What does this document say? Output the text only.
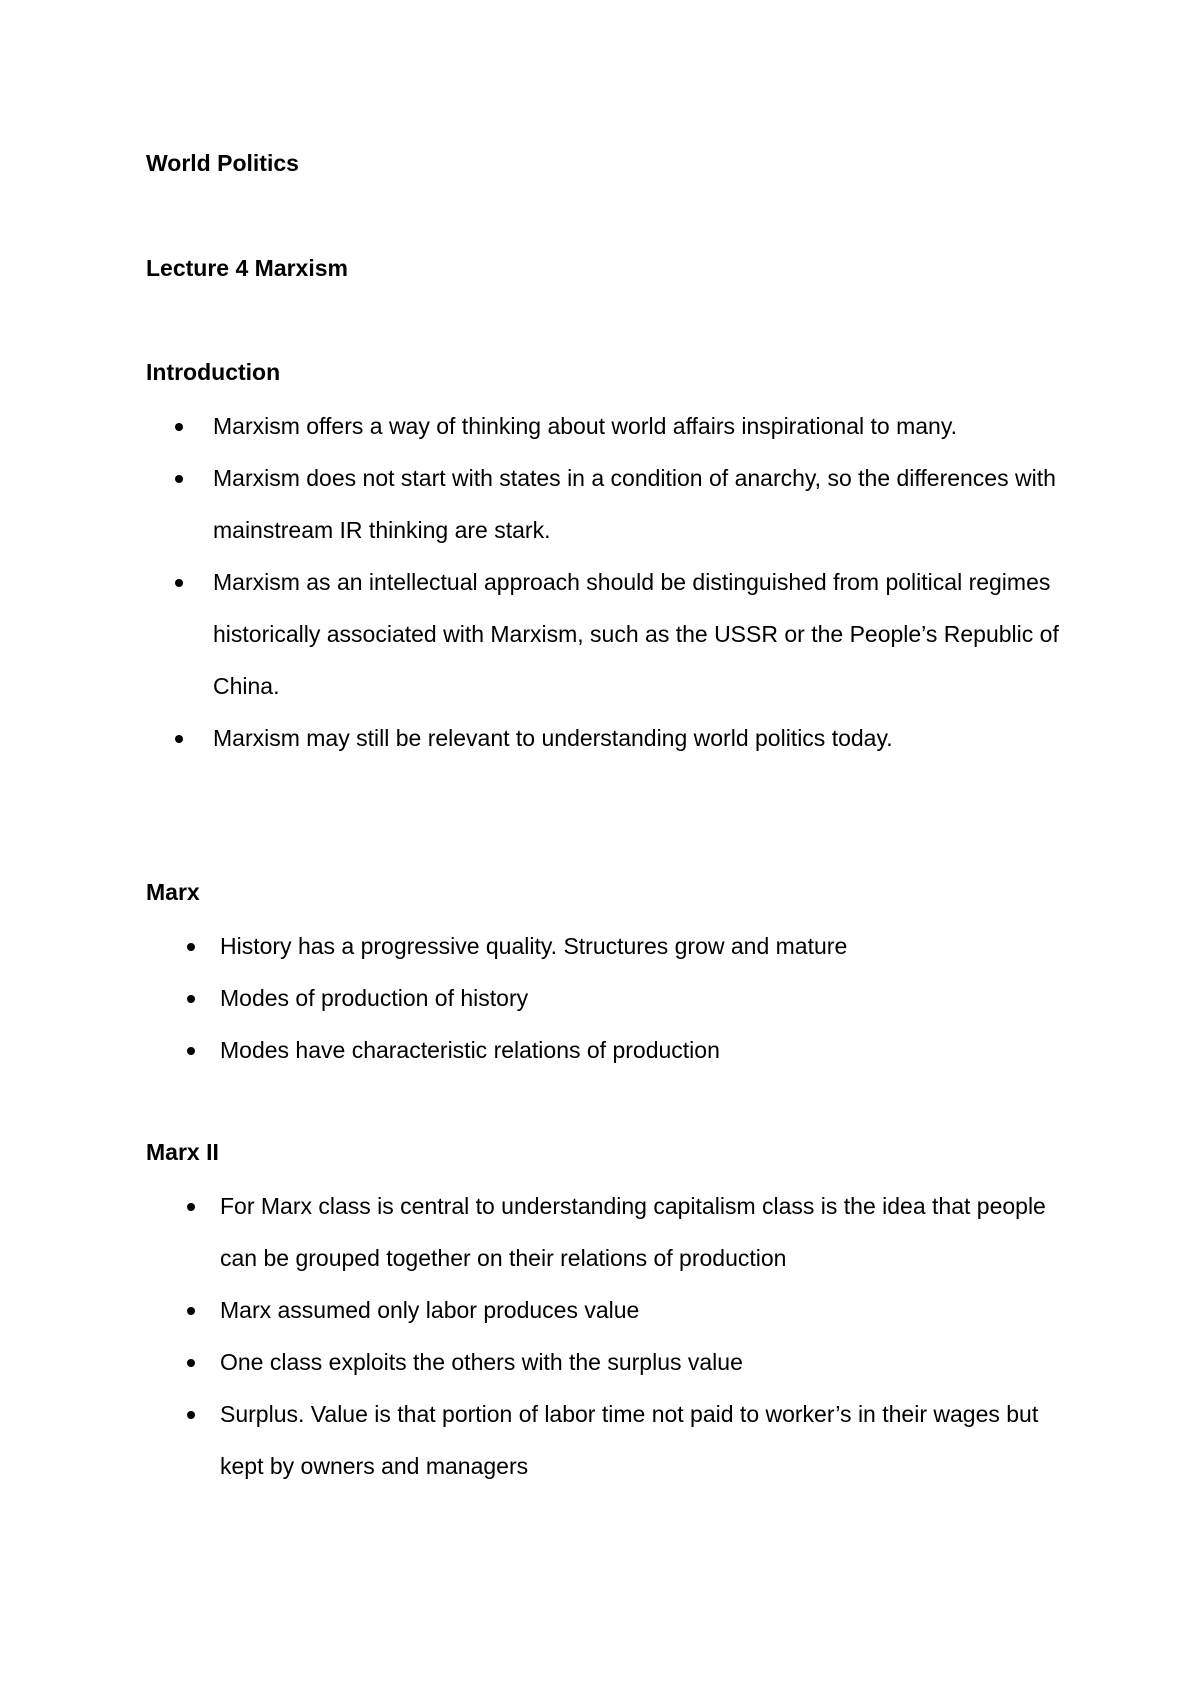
World Politics

Lecture 4 Marxism

Introduction

Marxism offers a way of thinking about world affairs inspirational to many.
Marxism does not start with states in a condition of anarchy, so the differences with mainstream IR thinking are stark.
Marxism as an intellectual approach should be distinguished from political regimes historically associated with Marxism, such as the USSR or the People’s Republic of China.
Marxism may still be relevant to understanding world politics today.

Marx

History has a progressive quality. Structures grow and mature
Modes of production of history
Modes have characteristic relations of production

Marx II

For Marx class is central to understanding capitalism class is the idea that people can be grouped together on their relations of production
Marx assumed only labor produces value
One class exploits the others with the surplus value
Surplus. Value is that portion of labor time not paid to worker’s in their wages but kept by owners and managers
